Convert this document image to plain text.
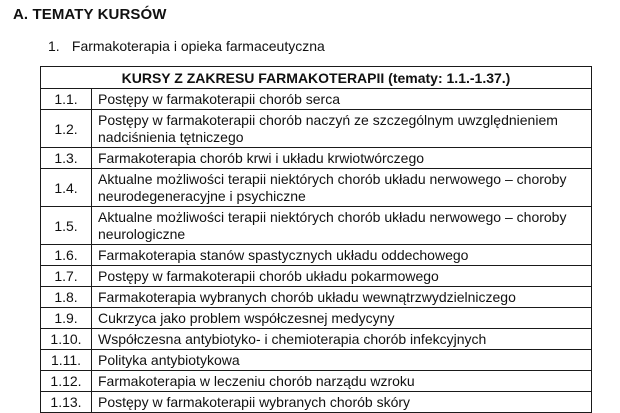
A. TEMATY KURSÓW
1. Farmakoterapia i opieka farmaceutyczna
KURSY Z ZAKRESU FARMAKOTERAPII (tematy: 1.1.-1.37.)	
1.1.	Postępy w farmakoterapii chorób serca
1.2.	Postępy w farmakoterapii chorób naczyń ze szczególnym uwzględnieniem nadciśnienia tętniczego
1.3.	Farmakoterapia chorób krwi i układu krwiotwórczego
1.4.	Aktualne możliwości terapii niektórych chorób układu nerwowego – choroby neurodegeneracyjne i psychiczne
1.5.	Aktualne możliwości terapii niektórych chorób układu nerwowego – choroby neurologiczne
1.6.	Farmakoterapia stanów spastycznych układu oddechowego
1.7.	Postępy w farmakoterapii chorób układu pokarmowego
1.8.	Farmakoterapia wybranych chorób układu wewnątrzwydzielniczego
1.9.	Cukrzyca jako problem współczesnej medycyny
1.10.	Współczesna antybiotyko- i chemioterapia chorób infekcyjnych
1.11.	Polityka antybiotykowa
1.12.	Farmakoterapia w leczeniu chorób narządu wzroku
1.13.	Postępy w farmakoterapii wybranych chorób skóry
